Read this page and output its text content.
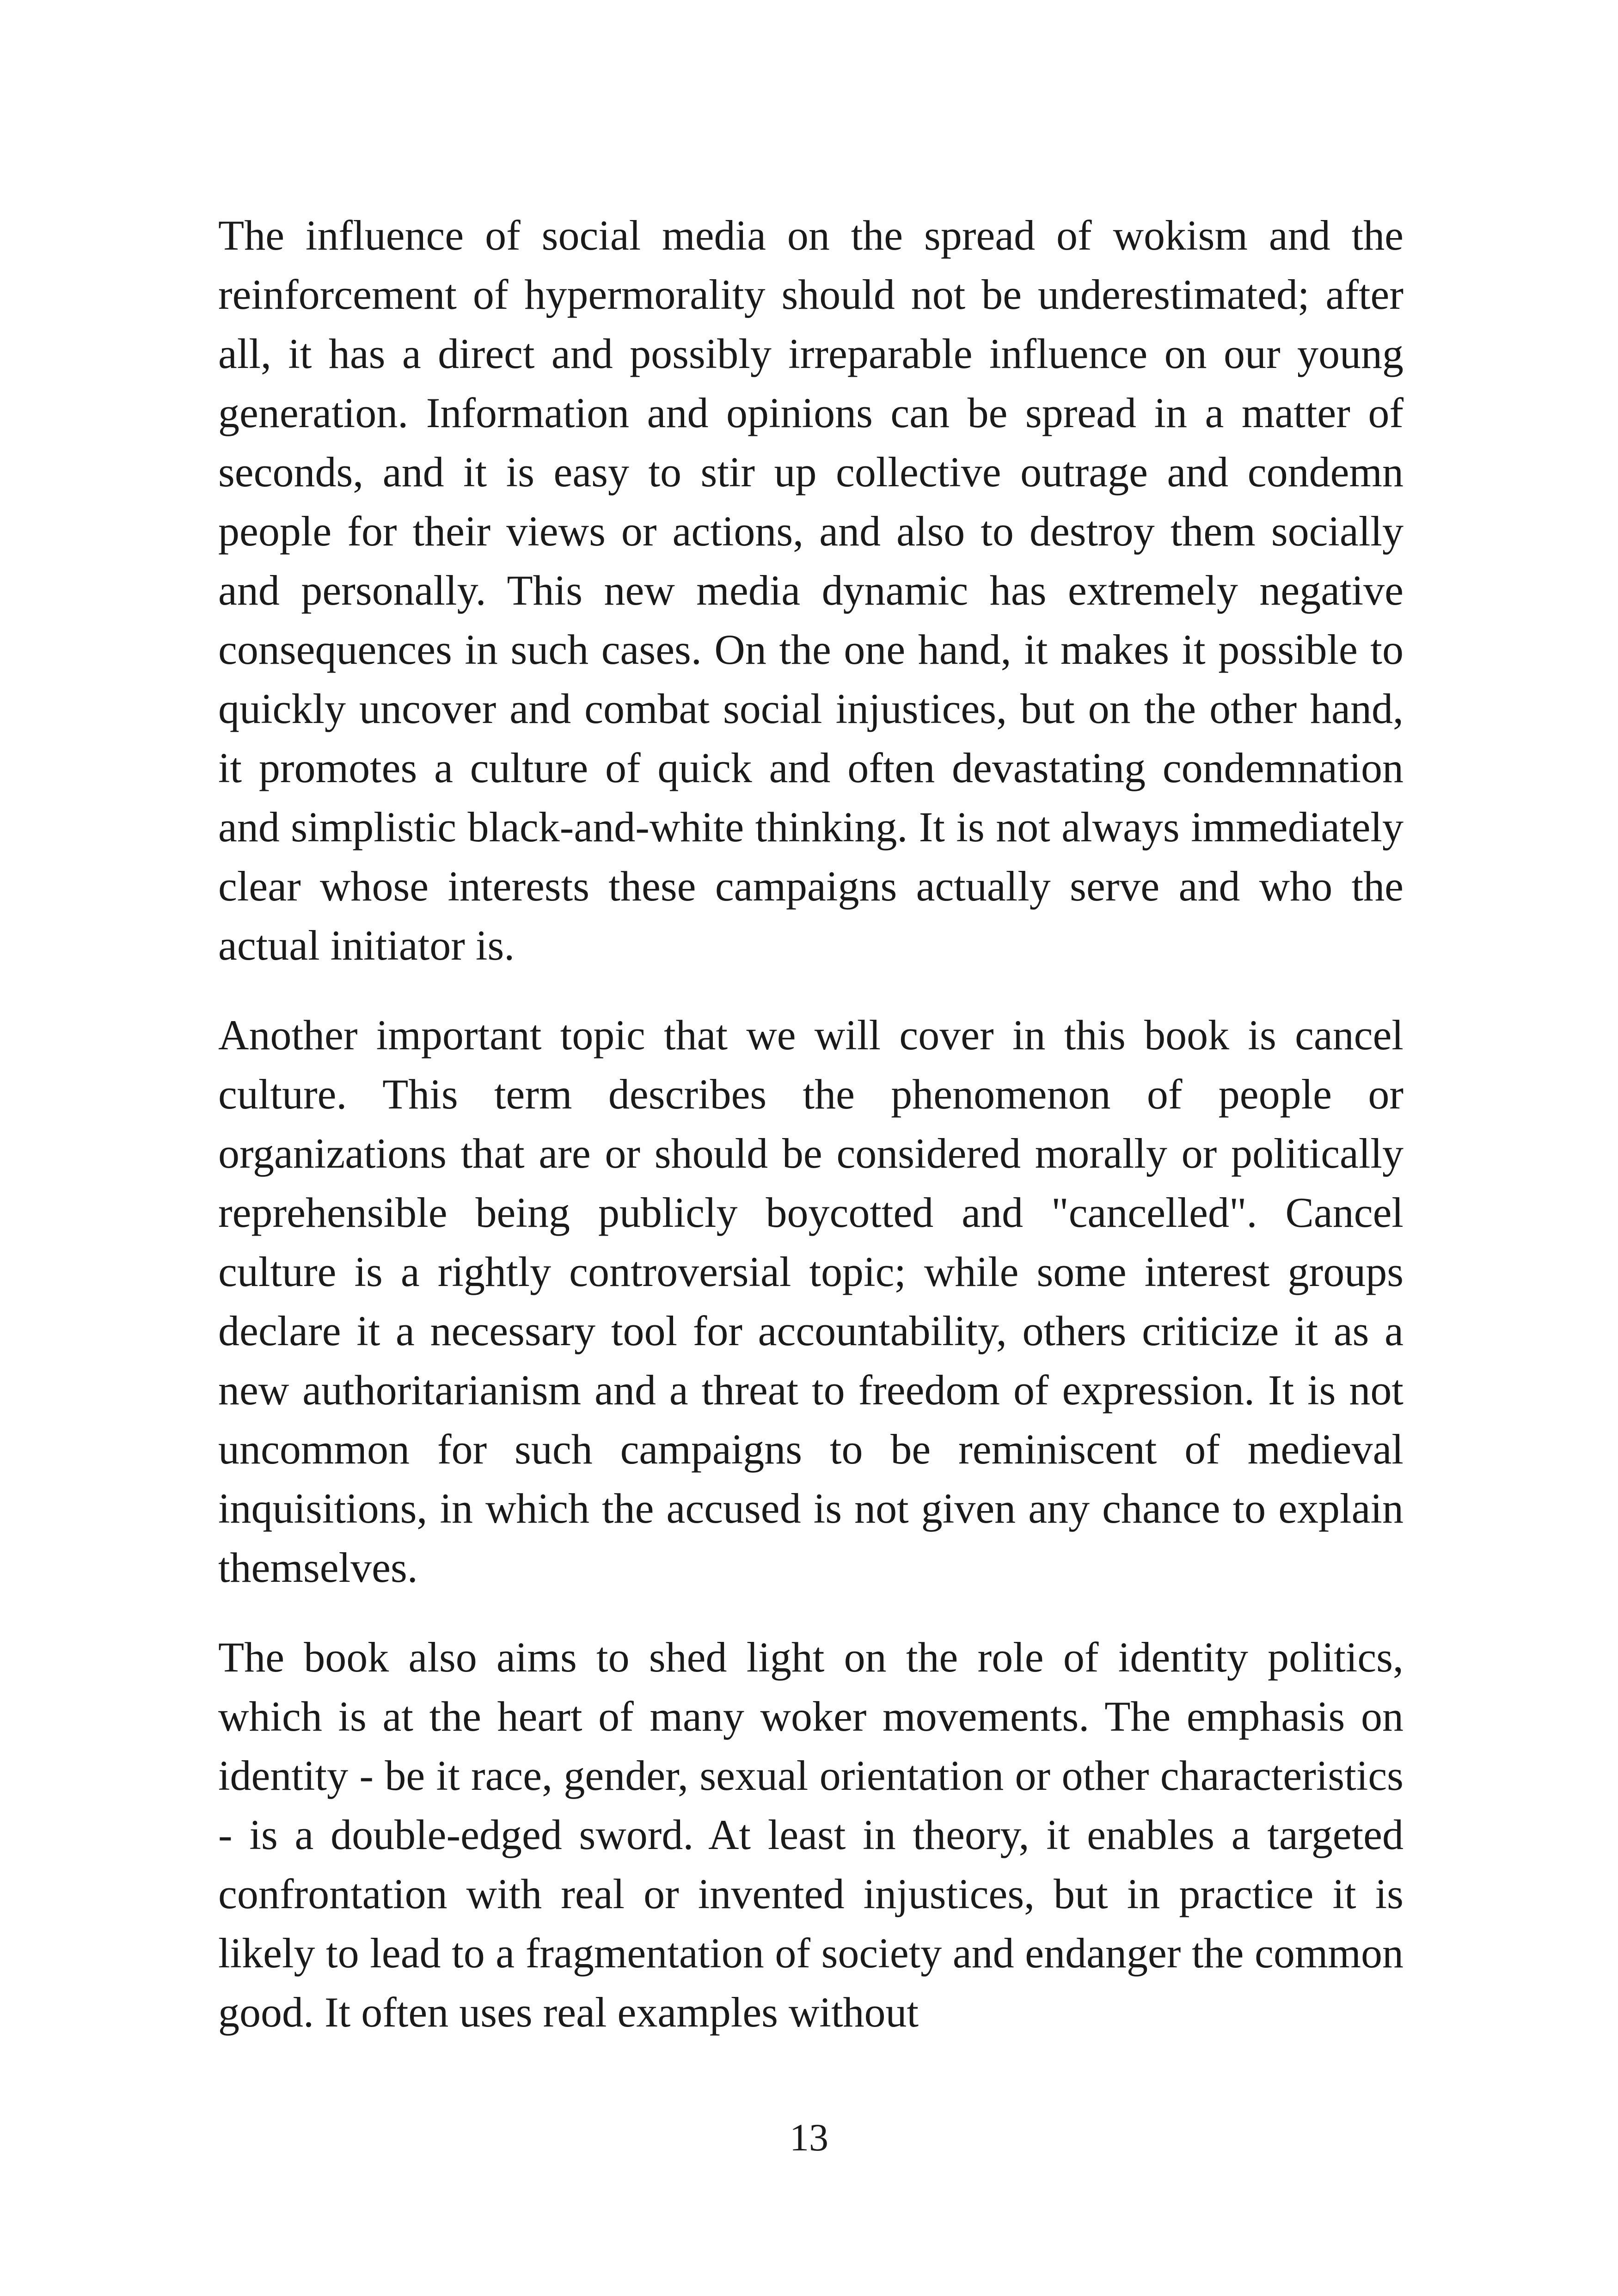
The influence of social media on the spread of wokism and the reinforcement of hypermorality should not be underestimated; after all, it has a direct and possibly irreparable influence on our young generation. Information and opinions can be spread in a matter of seconds, and it is easy to stir up collective outrage and condemn people for their views or actions, and also to destroy them socially and personally. This new media dynamic has extremely negative consequences in such cases. On the one hand, it makes it possible to quickly uncover and combat social injustices, but on the other hand, it promotes a culture of quick and often devastating condemnation and simplistic black-and-white thinking. It is not always immediately clear whose interests these campaigns actually serve and who the actual initiator is.

Another important topic that we will cover in this book is cancel culture. This term describes the phenomenon of people or organizations that are or should be considered morally or politically reprehensible being publicly boycotted and "cancelled". Cancel culture is a rightly controversial topic; while some interest groups declare it a necessary tool for accountability, others criticize it as a new authoritarianism and a threat to freedom of expression. It is not uncommon for such campaigns to be reminiscent of medieval inquisitions, in which the accused is not given any chance to explain themselves.

The book also aims to shed light on the role of identity politics, which is at the heart of many woker movements. The emphasis on identity - be it race, gender, sexual orientation or other characteristics - is a double-edged sword. At least in theory, it enables a targeted confrontation with real or invented injustices, but in practice it is likely to lead to a fragmentation of society and endanger the common good. It often uses real examples without

13
